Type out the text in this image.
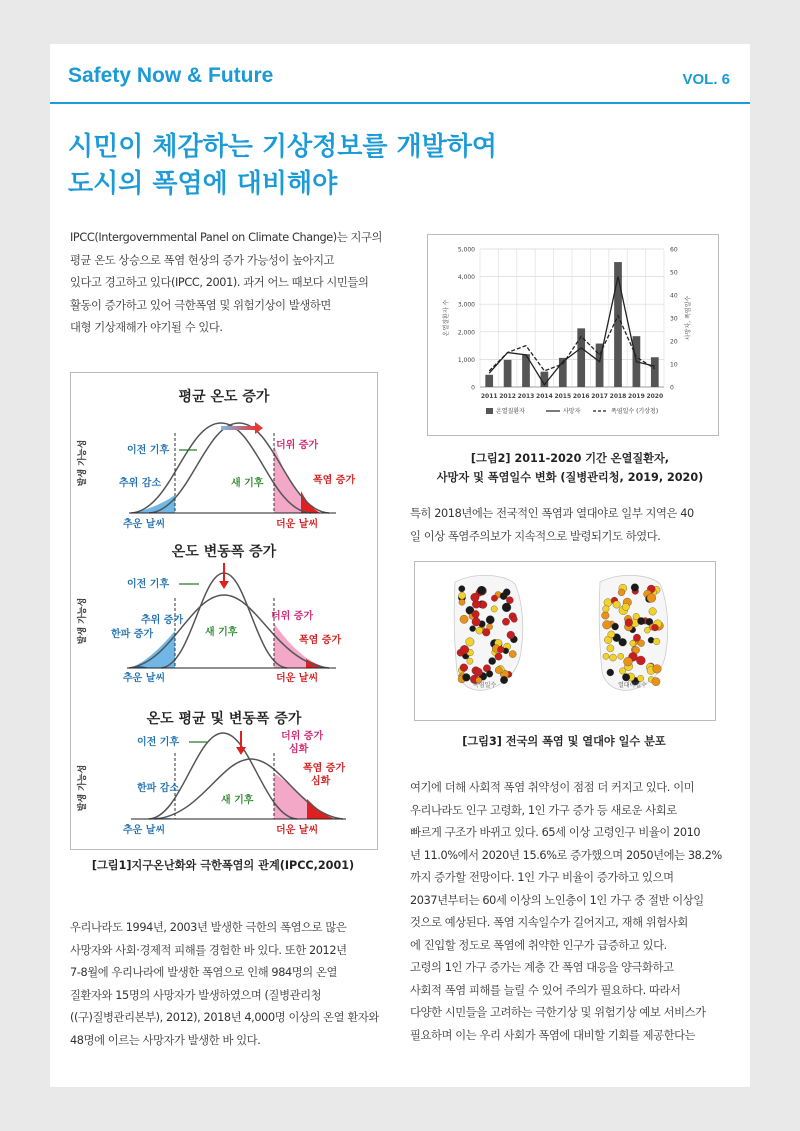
Safety Now & Future	VOL. 6
시민이 체감하는 기상정보를 개발하여
도시의 폭염에 대비해야
IPCC(Intergovernmental Panel on Climate Change)는 지구의
평균 온도 상승으로 폭염 현상의 증가 가능성이 높아지고
있다고 경고하고 있다(IPCC, 2001). 과거 어느 때보다 시민들의
활동이 증가하고 있어 극한폭염 및 위험기상이 발생하면
대형 기상재해가 야기될 수 있다.
평균 온도 증가
발생 가능성	이전 기후
추위 감소	새 기후
더위 증가
폭염 증가
추운 날씨	더운 날씨
온도 변동폭 증가
발생 가능성
이전 기후
추위 증가
한파 증가	새 기후
더위 증가
폭염 증가
추운 날씨	더운 날씨
온도 평균 및 변동폭 증가
발생 가능성
이전 기후
더위 증가
심화
한파 감소
폭염 증가
심화
새 기후
추운 날씨	더운 날씨
[그림1]지구온난화와 극한폭염의 관계(IPCC,2001)
우리나라도 1994년, 2003년 발생한 극한의 폭염으로 많은
사망자와 사회·경제적 피해를 경험한 바 있다. 또한 2012년
7-8월에 우리나라에 발생한 폭염으로 인해 984명의 온열
질환자와 15명의 사망자가 발생하였으며 (질병관리청
((구)질병관리본부), 2012), 2018년 4,000명 이상의 온열 환자와
48명에 이르는 사망자가 발생한 바 있다.
0
1,000
2,000
3,000
4,000
5,000
0
10
20
30
40
50
60
온열질환자 수	사망자, 폭염일수
2011 2012 2013 2014 2015 2016 2017 2018 2019 2020
온열질환자	사망자	폭염일수 (기상청)
[그림2] 2011-2020 기간 온열질환자,
사망자 및 폭염일수 변화 (질병관리청, 2019, 2020)
특히 2018년에는 전국적인 폭염과 열대야로 일부 지역은 40
일 이상 폭염주의보가 지속적으로 발령되기도 하였다.
폭염일수	열대야일수
[그림3] 전국의 폭염 및 열대야 일수 분포
여기에 더해 사회적 폭염 취약성이 점점 더 커지고 있다. 이미
우리나라도 인구 고령화, 1인 가구 증가 등 새로운 사회로
빠르게 구조가 바뀌고 있다. 65세 이상 고령인구 비율이 2010
년 11.0%에서 2020년 15.6%로 증가했으며 2050년에는 38.2%
까지 증가할 전망이다. 1인 가구 비율이 증가하고 있으며
2037년부터는 60세 이상의 노인층이 1인 가구 중 절반 이상일
것으로 예상된다. 폭염 지속일수가 길어지고, 재해 위험사회
에 진입할 정도로 폭염에 취약한 인구가 급증하고 있다.
고령의 1인 가구 증가는 계층 간 폭염 대응을 양극화하고
사회적 폭염 피해를 늘릴 수 있어 주의가 필요하다. 따라서
다양한 시민들을 고려하는 극한기상 및 위험기상 예보 서비스가
필요하며 이는 우리 사회가 폭염에 대비할 기회를 제공한다는
